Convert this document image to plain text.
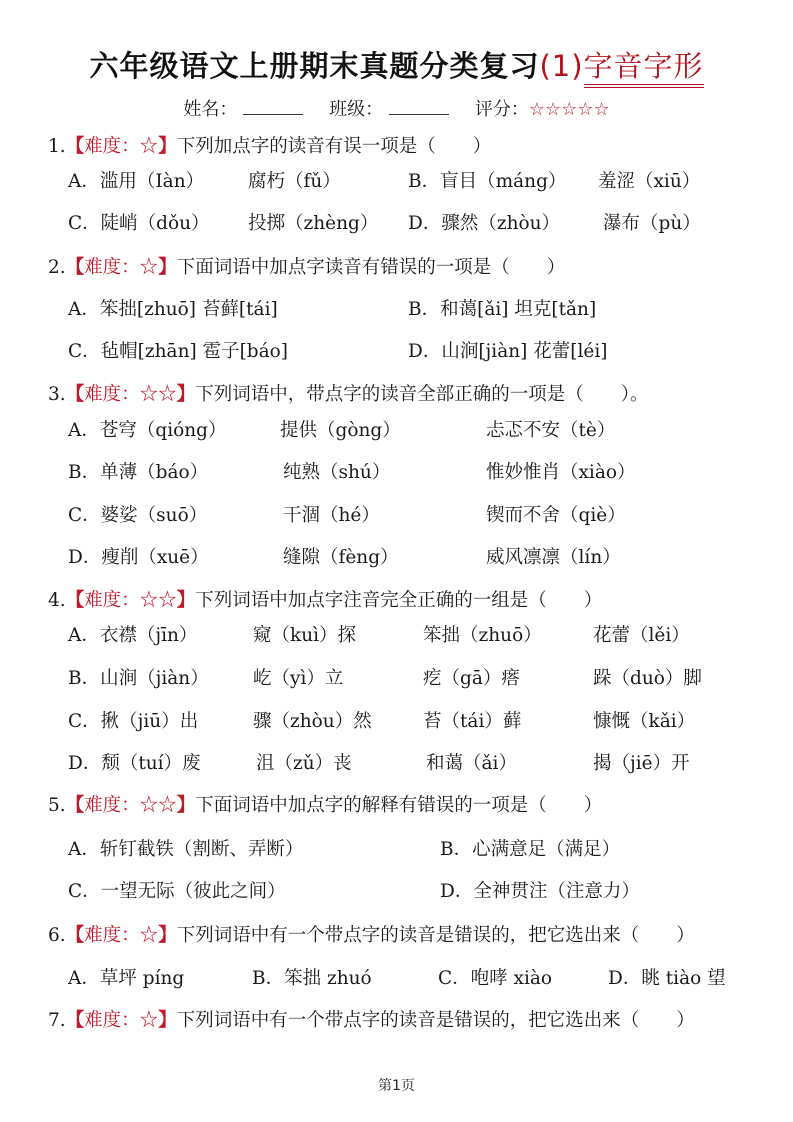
六年级语文上册期末真题分类复习(1)字音字形
姓名：	班级：	评分：☆☆☆☆☆
1.【难度：☆】下列加点字的读音有误一项是（　　）
A．滥用（Iàn） 腐朽（fǔ）	B．盲目（máng） 羞涩（xiū）
C．陡峭（dǒu） 投掷（zhèng） D．骤然（zhòu） 瀑布（pù）
2.【难度：☆】下面词语中加点字读音有错误的一项是（　　）
A．笨拙[zhuō] 苔藓[tái]	B．和蔼[ǎi] 坦克[tǎn]
C．毡帽[zhān] 雹子[báo]	D．山涧[jiàn] 花蕾[léi]
3.【难度：☆☆】下列词语中，带点字的读音全部正确的一项是（　　）。
A．苍穹（qióng）	提供（gòng）	忐忑不安（tè）
B．单薄（báo）	纯熟（shú）	惟妙惟肖（xiào）
C．婆娑（suō）	干涸（hé）	锲而不舍（qiè）
D．瘦削（xuē）	缝隙（fèng）	威风凛凛（lín）
4.【难度：☆☆】下列词语中加点字注音完全正确的一组是（　　）
A．衣襟（jīn）	窥（kuì）探	笨拙（zhuō）	花蕾（lěi）
B．山涧（jiàn） 屹（yì）立	疙（gā）瘩	跺（duò）脚
C．揪（jiū）出	骤（zhòu）然	苔（tái）藓	慷慨（kǎi）
D．颓（tuí）废	沮（zǔ）丧	和蔼（ǎi）	揭（jiē）开
5.【难度：☆☆】下面词语中加点字的解释有错误的一项是（　　）
A．斩钉截铁（割断、弄断）	B．心满意足（满足）
C．一望无际（彼此之间）	D．全神贯注（注意力）
6.【难度：☆】下列词语中有一个带点字的读音是错误的，把它选出来（　　）
A．草坪 píng	B．笨拙 zhuó	C．咆哮 xiào	D．眺 tiào 望
7.【难度：☆】下列词语中有一个带点字的读音是错误的，把它选出来（　　）
第1页
